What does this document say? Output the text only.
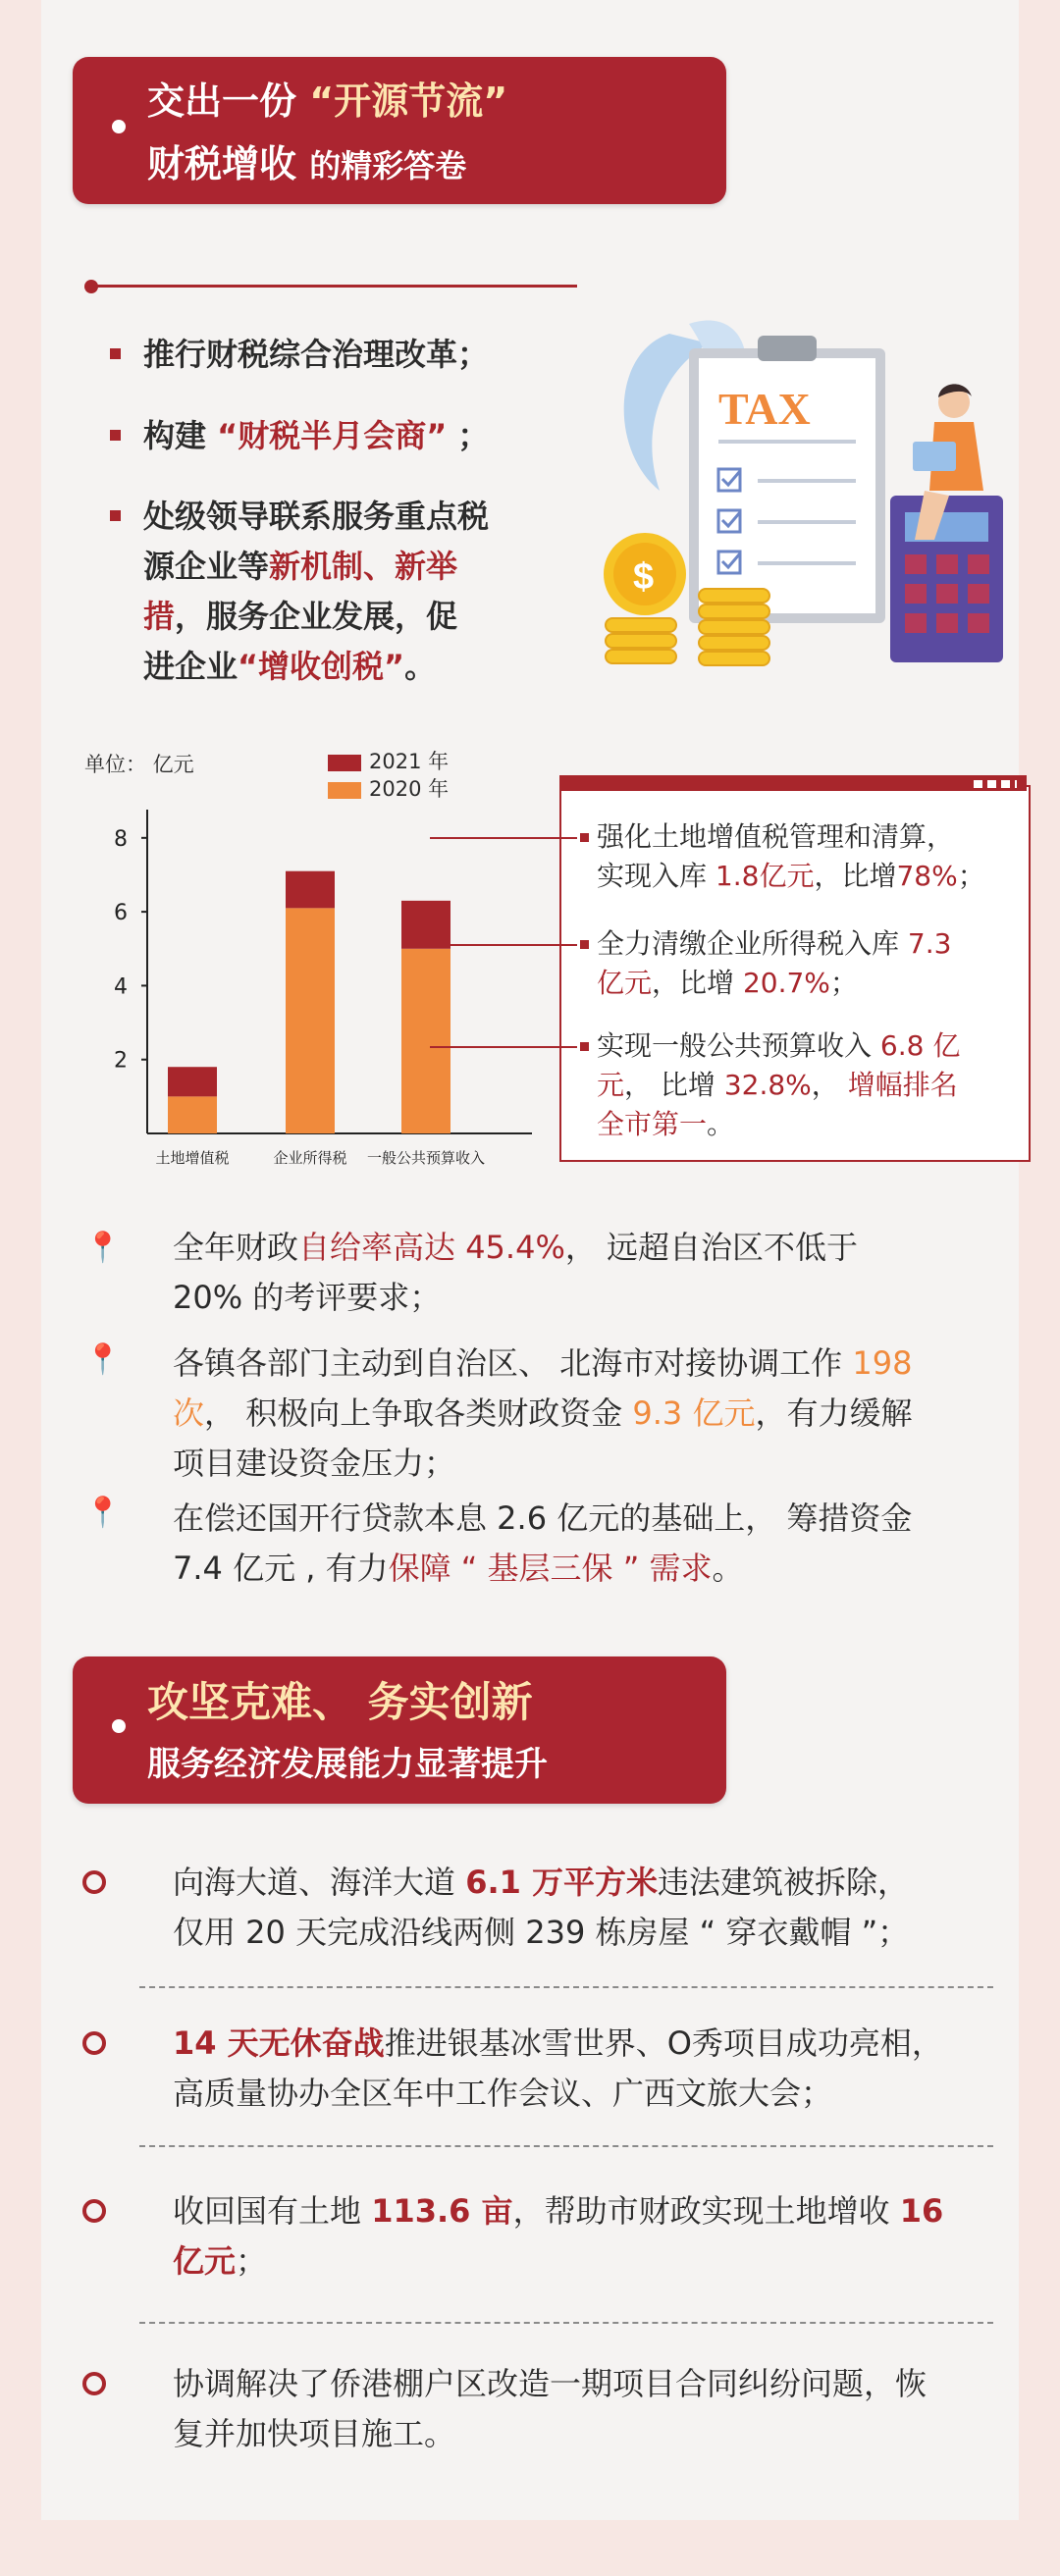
交出一份 “开源节流”
财税增收 的精彩答卷
推行财税综合治理改革；
构建 “财税半月会商” ；
处级领导联系服务重点税
源企业等新机制、新举
措，服务企业发展，促
进企业“增收创税”。
TAX
$
单位： 亿元	2021 年
2020 年
2
4
6
8
土地增值税	企业所得税 一般公共预算收入
强化土地增值税管理和清算，
实现入库 1.8亿元，比增78%；
全力清缴企业所得税入库 7.3
亿元，比增 20.7%；
实现一般公共预算收入 6.8 亿
元， 比增 32.8%， 增幅排名
全市第一。
📍 全年财政自给率高达 45.4%， 远超自治区不低于
20% 的考评要求；
📍 各镇各部门主动到自治区、 北海市对接协调工作 198
次， 积极向上争取各类财政资金 9.3 亿元，有力缓解
项目建设资金压力；
📍 在偿还国开行贷款本息 2.6 亿元的基础上， 筹措资金
7.4 亿元 , 有力保障 “ 基层三保 ” 需求。
攻坚克难、 务实创新
服务经济发展能力显著提升
向海大道、海洋大道 6.1 万平方米违法建筑被拆除，
仅用 20 天完成沿线两侧 239 栋房屋 “ 穿衣戴帽 ”；
14 天无休奋战推进银基冰雪世界、O秀项目成功亮相，
高质量协办全区年中工作会议、广西文旅大会；
收回国有土地 113.6 亩，帮助市财政实现土地增收 16
亿元；
协调解决了侨港棚户区改造一期项目合同纠纷问题，恢
复并加快项目施工。
